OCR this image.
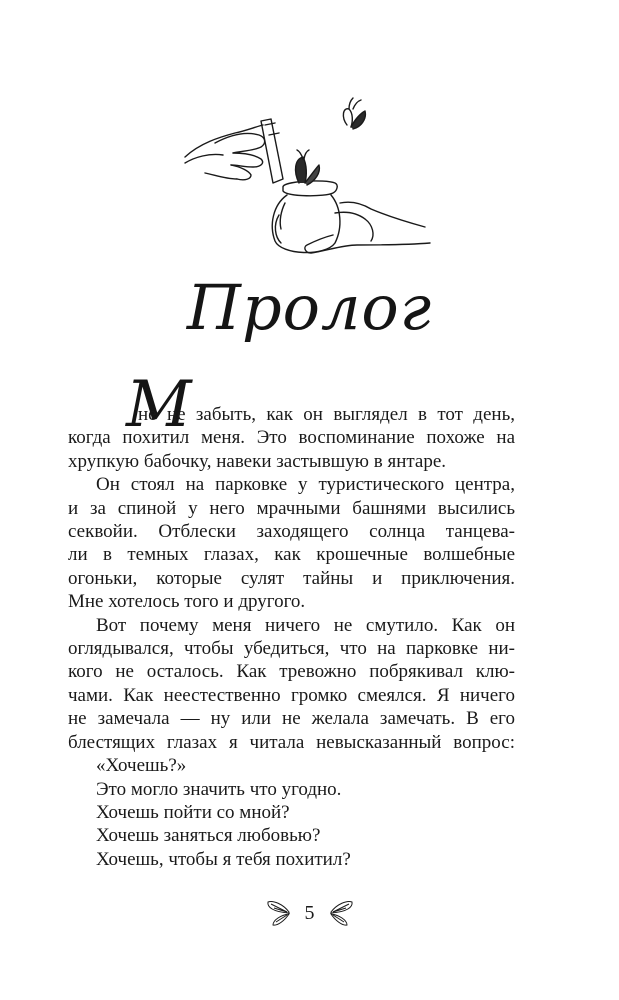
Пролог
М

не не забыть, как он выглядел в тот день,

когда похитил меня. Это воспоминание похоже на

хрупкую бабочку, навеки застывшую в янтаре.

Он стоял на парковке у туристического центра,

и за спиной у него мрачными башнями высились

секвойи. Отблески заходящего солнца танцева-

ли в темных глазах, как крошечные волшебные

огоньки, которые сулят тайны и приключения.

Мне хотелось того и другого.

Вот почему меня ничего не смутило. Как он

оглядывался, чтобы убедиться, что на парковке ни-

кого не осталось. Как тревожно побрякивал клю-

чами. Как неестественно громко смеялся. Я ничего

не замечала — ну или не желала замечать. В его

блестящих глазах я читала невысказанный вопрос:

«Хочешь?»

Это могло значить что угодно.

Хочешь пойти со мной?

Хочешь заняться любовью?

Хочешь, чтобы я тебя похитил?

5
